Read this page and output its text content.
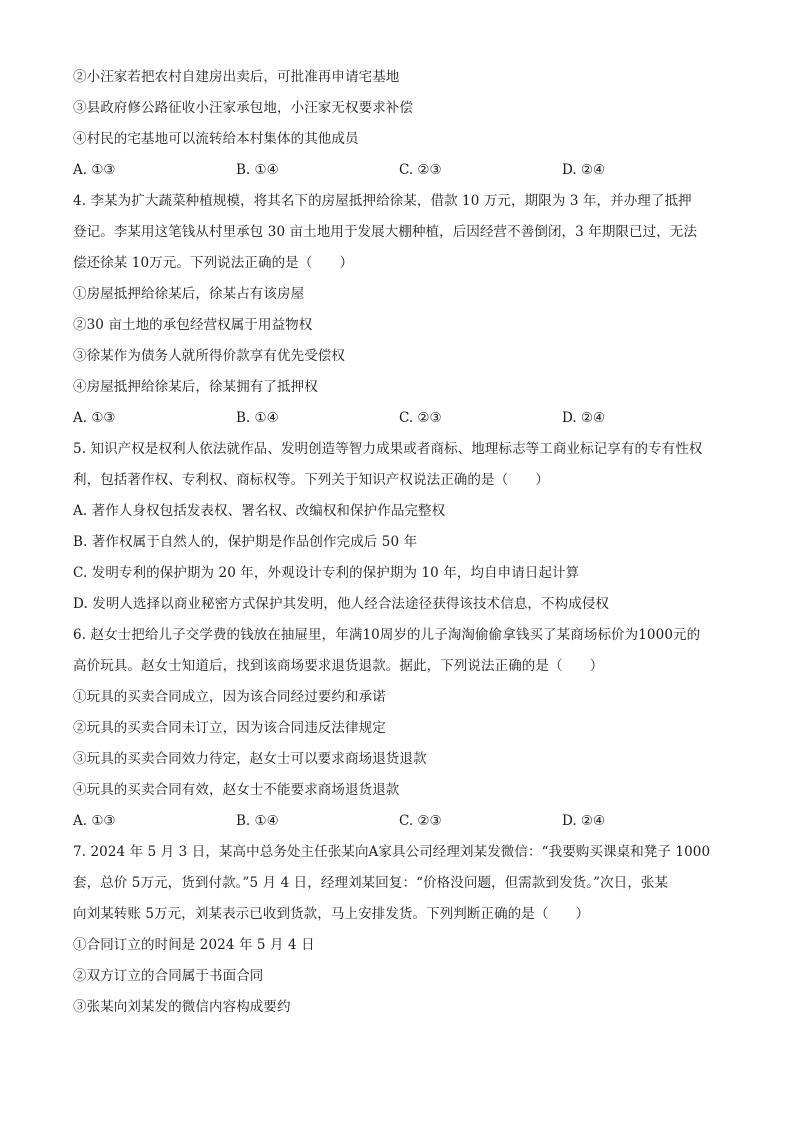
②小汪家若把农村自建房出卖后，可批准再申请宅基地
③县政府修公路征收小汪家承包地，小汪家无权要求补偿
④村民的宅基地可以流转给本村集体的其他成员
A. ①③	B. ①④	C. ②③	D. ②④
4. 李某为扩大蔬菜种植规模，将其名下的房屋抵押给徐某，借款 10 万元，期限为 3 年，并办理了抵押
登记。李某用这笔钱从村里承包 30 亩土地用于发展大棚种植，后因经营不善倒闭，3 年期限已过，无法
偿还徐某 10万元。下列说法正确的是（　　）
①房屋抵押给徐某后，徐某占有该房屋
②30 亩土地的承包经营权属于用益物权
③徐某作为债务人就所得价款享有优先受偿权
④房屋抵押给徐某后，徐某拥有了抵押权
A. ①③	B. ①④	C. ②③	D. ②④
5. 知识产权是权利人依法就作品、发明创造等智力成果或者商标、地理标志等工商业标记享有的专有性权
利，包括著作权、专利权、商标权等。下列关于知识产权说法正确的是（　　）
A. 著作人身权包括发表权、署名权、改编权和保护作品完整权
B. 著作权属于自然人的，保护期是作品创作完成后 50 年
C. 发明专利的保护期为 20 年，外观设计专利的保护期为 10 年，均自申请日起计算
D. 发明人选择以商业秘密方式保护其发明，他人经合法途径获得该技术信息，不构成侵权
6. 赵女士把给儿子交学费的钱放在抽屉里，年满10周岁的儿子淘淘偷偷拿钱买了某商场标价为1000元的
高价玩具。赵女士知道后，找到该商场要求退货退款。据此，下列说法正确的是（　　）
①玩具的买卖合同成立，因为该合同经过要约和承诺
②玩具的买卖合同未订立，因为该合同违反法律规定
③玩具的买卖合同效力待定，赵女士可以要求商场退货退款
④玩具的买卖合同有效，赵女士不能要求商场退货退款
A. ①③	B. ①④	C. ②③	D. ②④
7. 2024 年 5 月 3 日，某高中总务处主任张某向A家具公司经理刘某发微信：“我要购买课桌和凳子 1000
套，总价 5万元，货到付款。”5 月 4 日，经理刘某回复：“价格没问题，但需款到发货。”次日，张某
向刘某转账 5万元，刘某表示已收到货款，马上安排发货。下列判断正确的是（　　）
①合同订立的时间是 2024 年 5 月 4 日
②双方订立的合同属于书面合同
③张某向刘某发的微信内容构成要约
